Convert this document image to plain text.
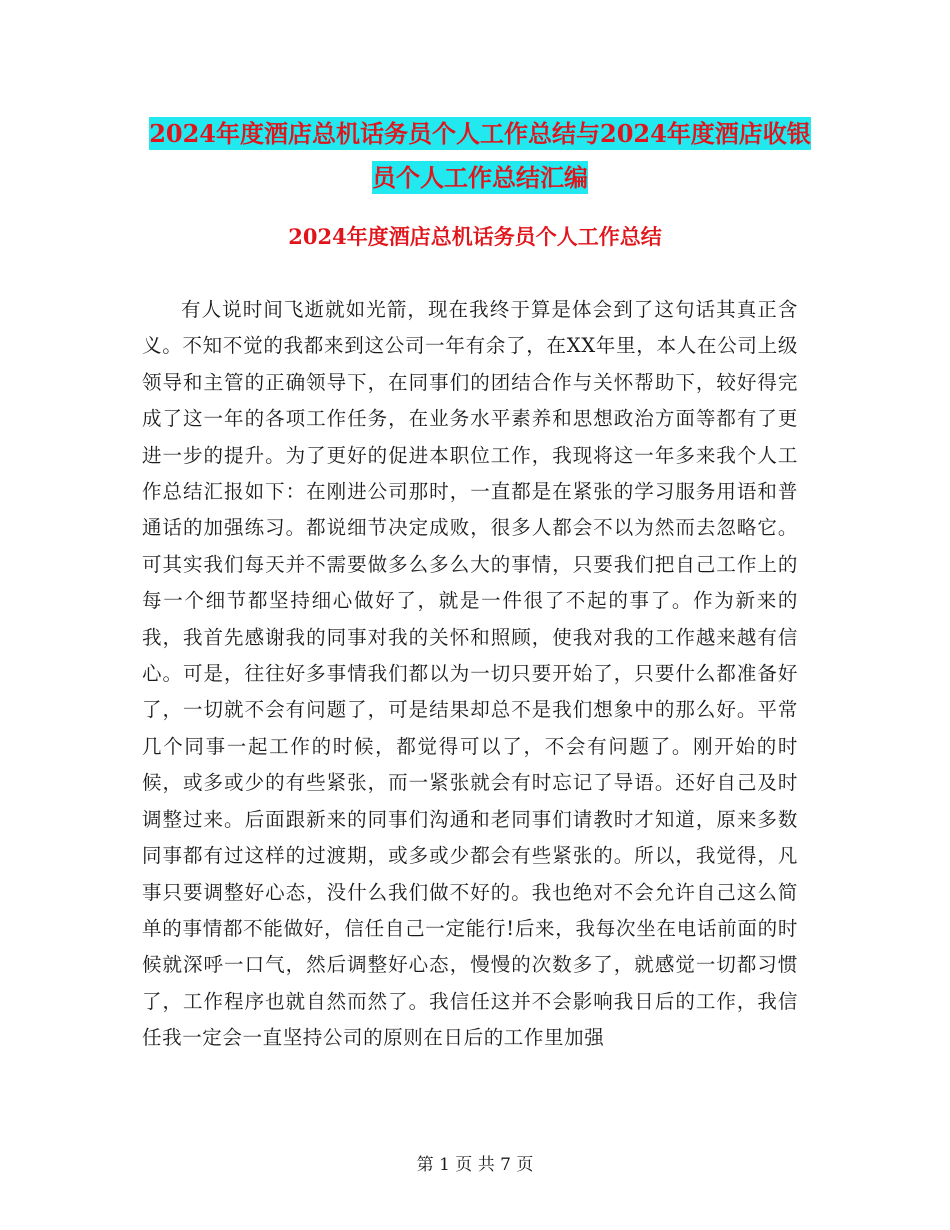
2024年度酒店总机话务员个人工作总结与2024年度酒店收银员个人工作总结汇编
2024年度酒店总机话务员个人工作总结

有人说时间飞逝就如光箭，现在我终于算是体会到了这句话其真正含义。不知不觉的我都来到这公司一年有余了，在XX年里，本人在公司上级领导和主管的正确领导下，在同事们的团结合作与关怀帮助下，较好得完成了这一年的各项工作任务，在业务水平素养和思想政治方面等都有了更进一步的提升。为了更好的促进本职位工作，我现将这一年多来我个人工作总结汇报如下：在刚进公司那时，一直都是在紧张的学习服务用语和普通话的加强练习。都说细节决定成败，很多人都会不以为然而去忽略它。可其实我们每天并不需要做多么多么大的事情，只要我们把自己工作上的每一个细节都坚持细心做好了，就是一件很了不起的事了。作为新来的我，我首先感谢我的同事对我的关怀和照顾，使我对我的工作越来越有信心。可是，往往好多事情我们都以为一切只要开始了，只要什么都准备好了，一切就不会有问题了，可是结果却总不是我们想象中的那么好。平常几个同事一起工作的时候，都觉得可以了，不会有问题了。刚开始的时候，或多或少的有些紧张，而一紧张就会有时忘记了导语。还好自己及时调整过来。后面跟新来的同事们沟通和老同事们请教时才知道，原来多数同事都有过这样的过渡期，或多或少都会有些紧张的。所以，我觉得，凡事只要调整好心态，没什么我们做不好的。我也绝对不会允许自己这么简单的事情都不能做好，信任自己一定能行!后来，我每次坐在电话前面的时候就深呼一口气，然后调整好心态，慢慢的次数多了，就感觉一切都习惯了，工作程序也就自然而然了。我信任这并不会影响我日后的工作，我信任我一定会一直坚持公司的原则在日后的工作里加强

第 1 页 共 7 页
